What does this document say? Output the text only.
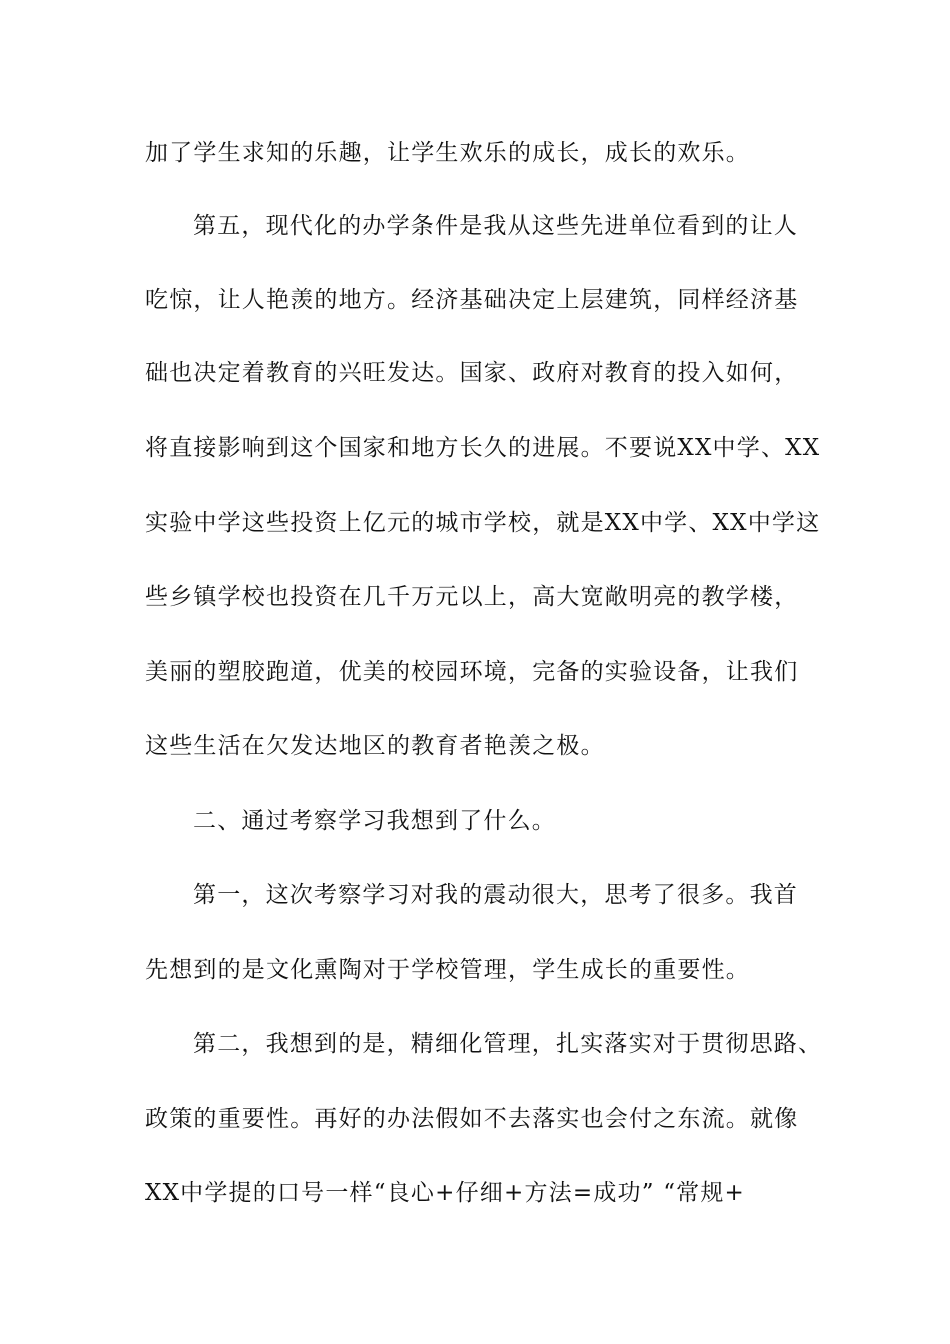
加了学生求知的乐趣，让学生欢乐的成长，成长的欢乐。
第五，现代化的办学条件是我从这些先进单位看到的让人
吃惊，让人艳羡的地方。经济基础决定上层建筑，同样经济基
础也决定着教育的兴旺发达。国家、政府对教育的投入如何，
将直接影响到这个国家和地方长久的进展。不要说XX中学、XX
实验中学这些投资上亿元的城市学校，就是XX中学、XX中学这
些乡镇学校也投资在几千万元以上，高大宽敞明亮的教学楼，
美丽的塑胶跑道，优美的校园环境，完备的实验设备，让我们
这些生活在欠发达地区的教育者艳羡之极。
二、通过考察学习我想到了什么。
第一，这次考察学习对我的震动很大，思考了很多。我首
先想到的是文化熏陶对于学校管理，学生成长的重要性。
第二，我想到的是，精细化管理，扎实落实对于贯彻思路、
政策的重要性。再好的办法假如不去落实也会付之东流。就像
XX中学提的口号一样“良心+仔细+方法=成功” “常规+
